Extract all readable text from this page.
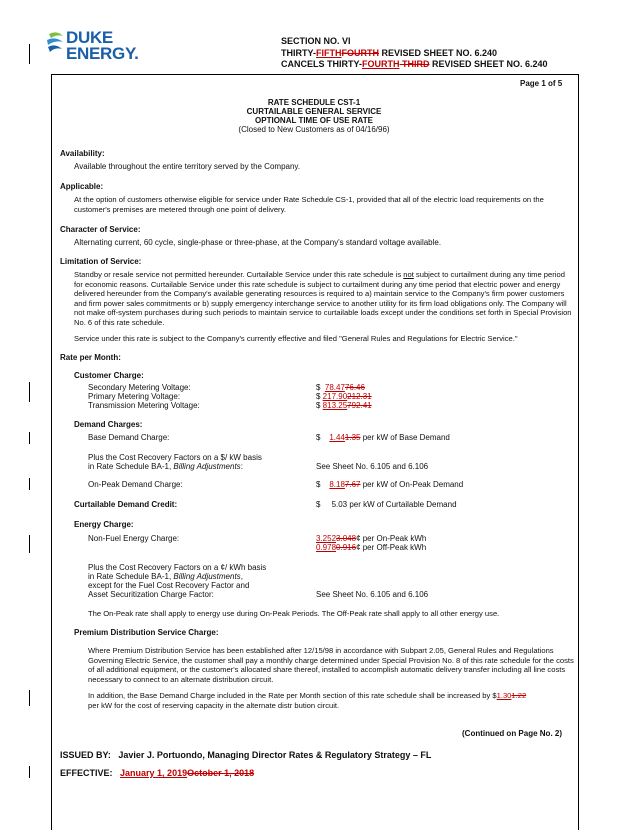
DUKE
ENERGY.
SECTION NO. VI
THIRTY-FIFTHFOURTH REVISED SHEET NO. 6.240
CANCELS THIRTY-FOURTH THIRD REVISED SHEET NO. 6.240
Page 1 of 5
RATE SCHEDULE CST-1
CURTAILABLE GENERAL SERVICE
OPTIONAL TIME OF USE RATE
(Closed to New Customers as of 04/16/96)
Availability:
Available throughout the entire territory served by the Company.
Applicable:
At the option of customers otherwise eligible for service under Rate Schedule CS-1, provided that all of the electric load requirements on the customer's premises are metered through one point of delivery.
Character of Service:
Alternating current, 60 cycle, single-phase or three-phase, at the Company's standard voltage available.
Limitation of Service:
Standby or resale service not permitted hereunder. Curtailable Service under this rate schedule is not subject to curtailment during any time period for economic reasons. Curtailable Service under this rate schedule is subject to curtailment during any time period that electric power and energy delivered hereunder from the Company's available generating resources is required to a) maintain service to the Company's firm power customers and firm power sales commitments or b) supply emergency interchange service to another utility for its firm load obligations only. The Company will not make off-system purchases during such periods to maintain service to curtailable loads except under the conditions set forth in Special Provision No. 6 of this rate schedule.
Service under this rate is subject to the Company's currently effective and filed "General Rules and Regulations for Electric Service."
Rate per Month:
Customer Charge:
Secondary Metering Voltage:	$ 78.4776.46
Primary Metering Voltage:	$ 217.90212.31
Transmission Metering Voltage:	$ 813.25792.41
Demand Charges:
Base Demand Charge:	$ 1.441.35 per kW of Base Demand
Plus the Cost Recovery Factors on a $/ kW basis
in Rate Schedule BA-1, Billing Adjustments:	See Sheet No. 6.105 and 6.106
On-Peak Demand Charge:	$ 8.187.67 per kW of On-Peak Demand
Curtailable Demand Credit:	$     5.03 per kW of Curtailable Demand
Energy Charge:
Non-Fuel Energy Charge:	3.2523.048¢ per On-Peak kWh
0.9780.916¢ per Off-Peak kWh
Plus the Cost Recovery Factors on a ¢/ kWh basis
in Rate Schedule BA-1, Billing Adjustments,
except for the Fuel Cost Recovery Factor and
Asset Securitization Charge Factor:	See Sheet No. 6.105 and 6.106
The On-Peak rate shall apply to energy use during On-Peak Periods. The Off-Peak rate shall apply to all other energy use.
Premium Distribution Service Charge:
Where Premium Distribution Service has been established after 12/15/98 in accordance with Subpart 2.05, General Rules and Regulations Governing Electric Service, the customer shall pay a monthly charge determined under Special Provision No. 8 of this rate schedule for the costs of all additional equipment, or the customer's allocated share thereof, installed to accomplish automatic delivery transfer including all line costs necessary to connect to an alternate distribution circuit.
In addition, the Base Demand Charge included in the Rate per Month section of this rate schedule shall be increased by $1.301.22
per kW for the cost of reserving capacity in the alternate distr bution circuit.
(Continued on Page No. 2)
ISSUED BY: Javier J. Portuondo, Managing Director Rates & Regulatory Strategy – FL
EFFECTIVE: January 1, 2019October 1, 2018
